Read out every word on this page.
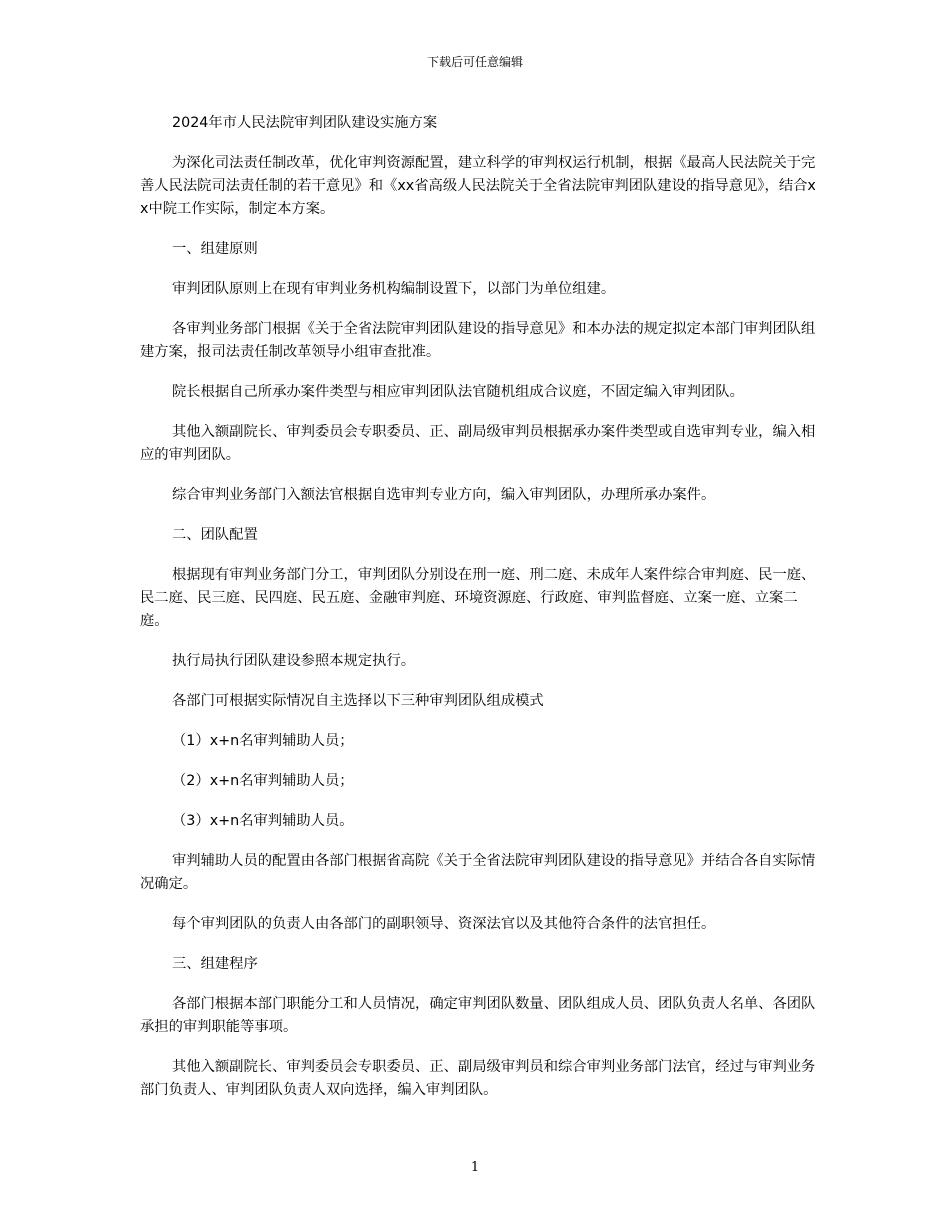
下载后可任意编辑

2024年市人民法院审判团队建设实施方案

为深化司法责任制改革，优化审判资源配置，建立科学的审判权运行机制，根据《最高人民法院关于完善人民法院司法责任制的若干意见》和《xx省高级人民法院关于全省法院审判团队建设的指导意见》，结合xx中院工作实际，制定本方案。

一、组建原则

审判团队原则上在现有审判业务机构编制设置下，以部门为单位组建。

各审判业务部门根据《关于全省法院审判团队建设的指导意见》和本办法的规定拟定本部门审判团队组建方案，报司法责任制改革领导小组审查批准。

院长根据自己所承办案件类型与相应审判团队法官随机组成合议庭，不固定编入审判团队。

其他入额副院长、审判委员会专职委员、正、副局级审判员根据承办案件类型或自选审判专业，编入相应的审判团队。

综合审判业务部门入额法官根据自选审判专业方向，编入审判团队，办理所承办案件。

二、团队配置

根据现有审判业务部门分工，审判团队分别设在刑一庭、刑二庭、未成年人案件综合审判庭、民一庭、民二庭、民三庭、民四庭、民五庭、金融审判庭、环境资源庭、行政庭、审判监督庭、立案一庭、立案二庭。

执行局执行团队建设参照本规定执行。

各部门可根据实际情况自主选择以下三种审判团队组成模式

（1）x+n名审判辅助人员；

（2）x+n名审判辅助人员；

（3）x+n名审判辅助人员。

审判辅助人员的配置由各部门根据省高院《关于全省法院审判团队建设的指导意见》并结合各自实际情况确定。

每个审判团队的负责人由各部门的副职领导、资深法官以及其他符合条件的法官担任。

三、组建程序

各部门根据本部门职能分工和人员情况，确定审判团队数量、团队组成人员、团队负责人名单、各团队承担的审判职能等事项。

其他入额副院长、审判委员会专职委员、正、副局级审判员和综合审判业务部门法官，经过与审判业务部门负责人、审判团队负责人双向选择，编入审判团队。

1
